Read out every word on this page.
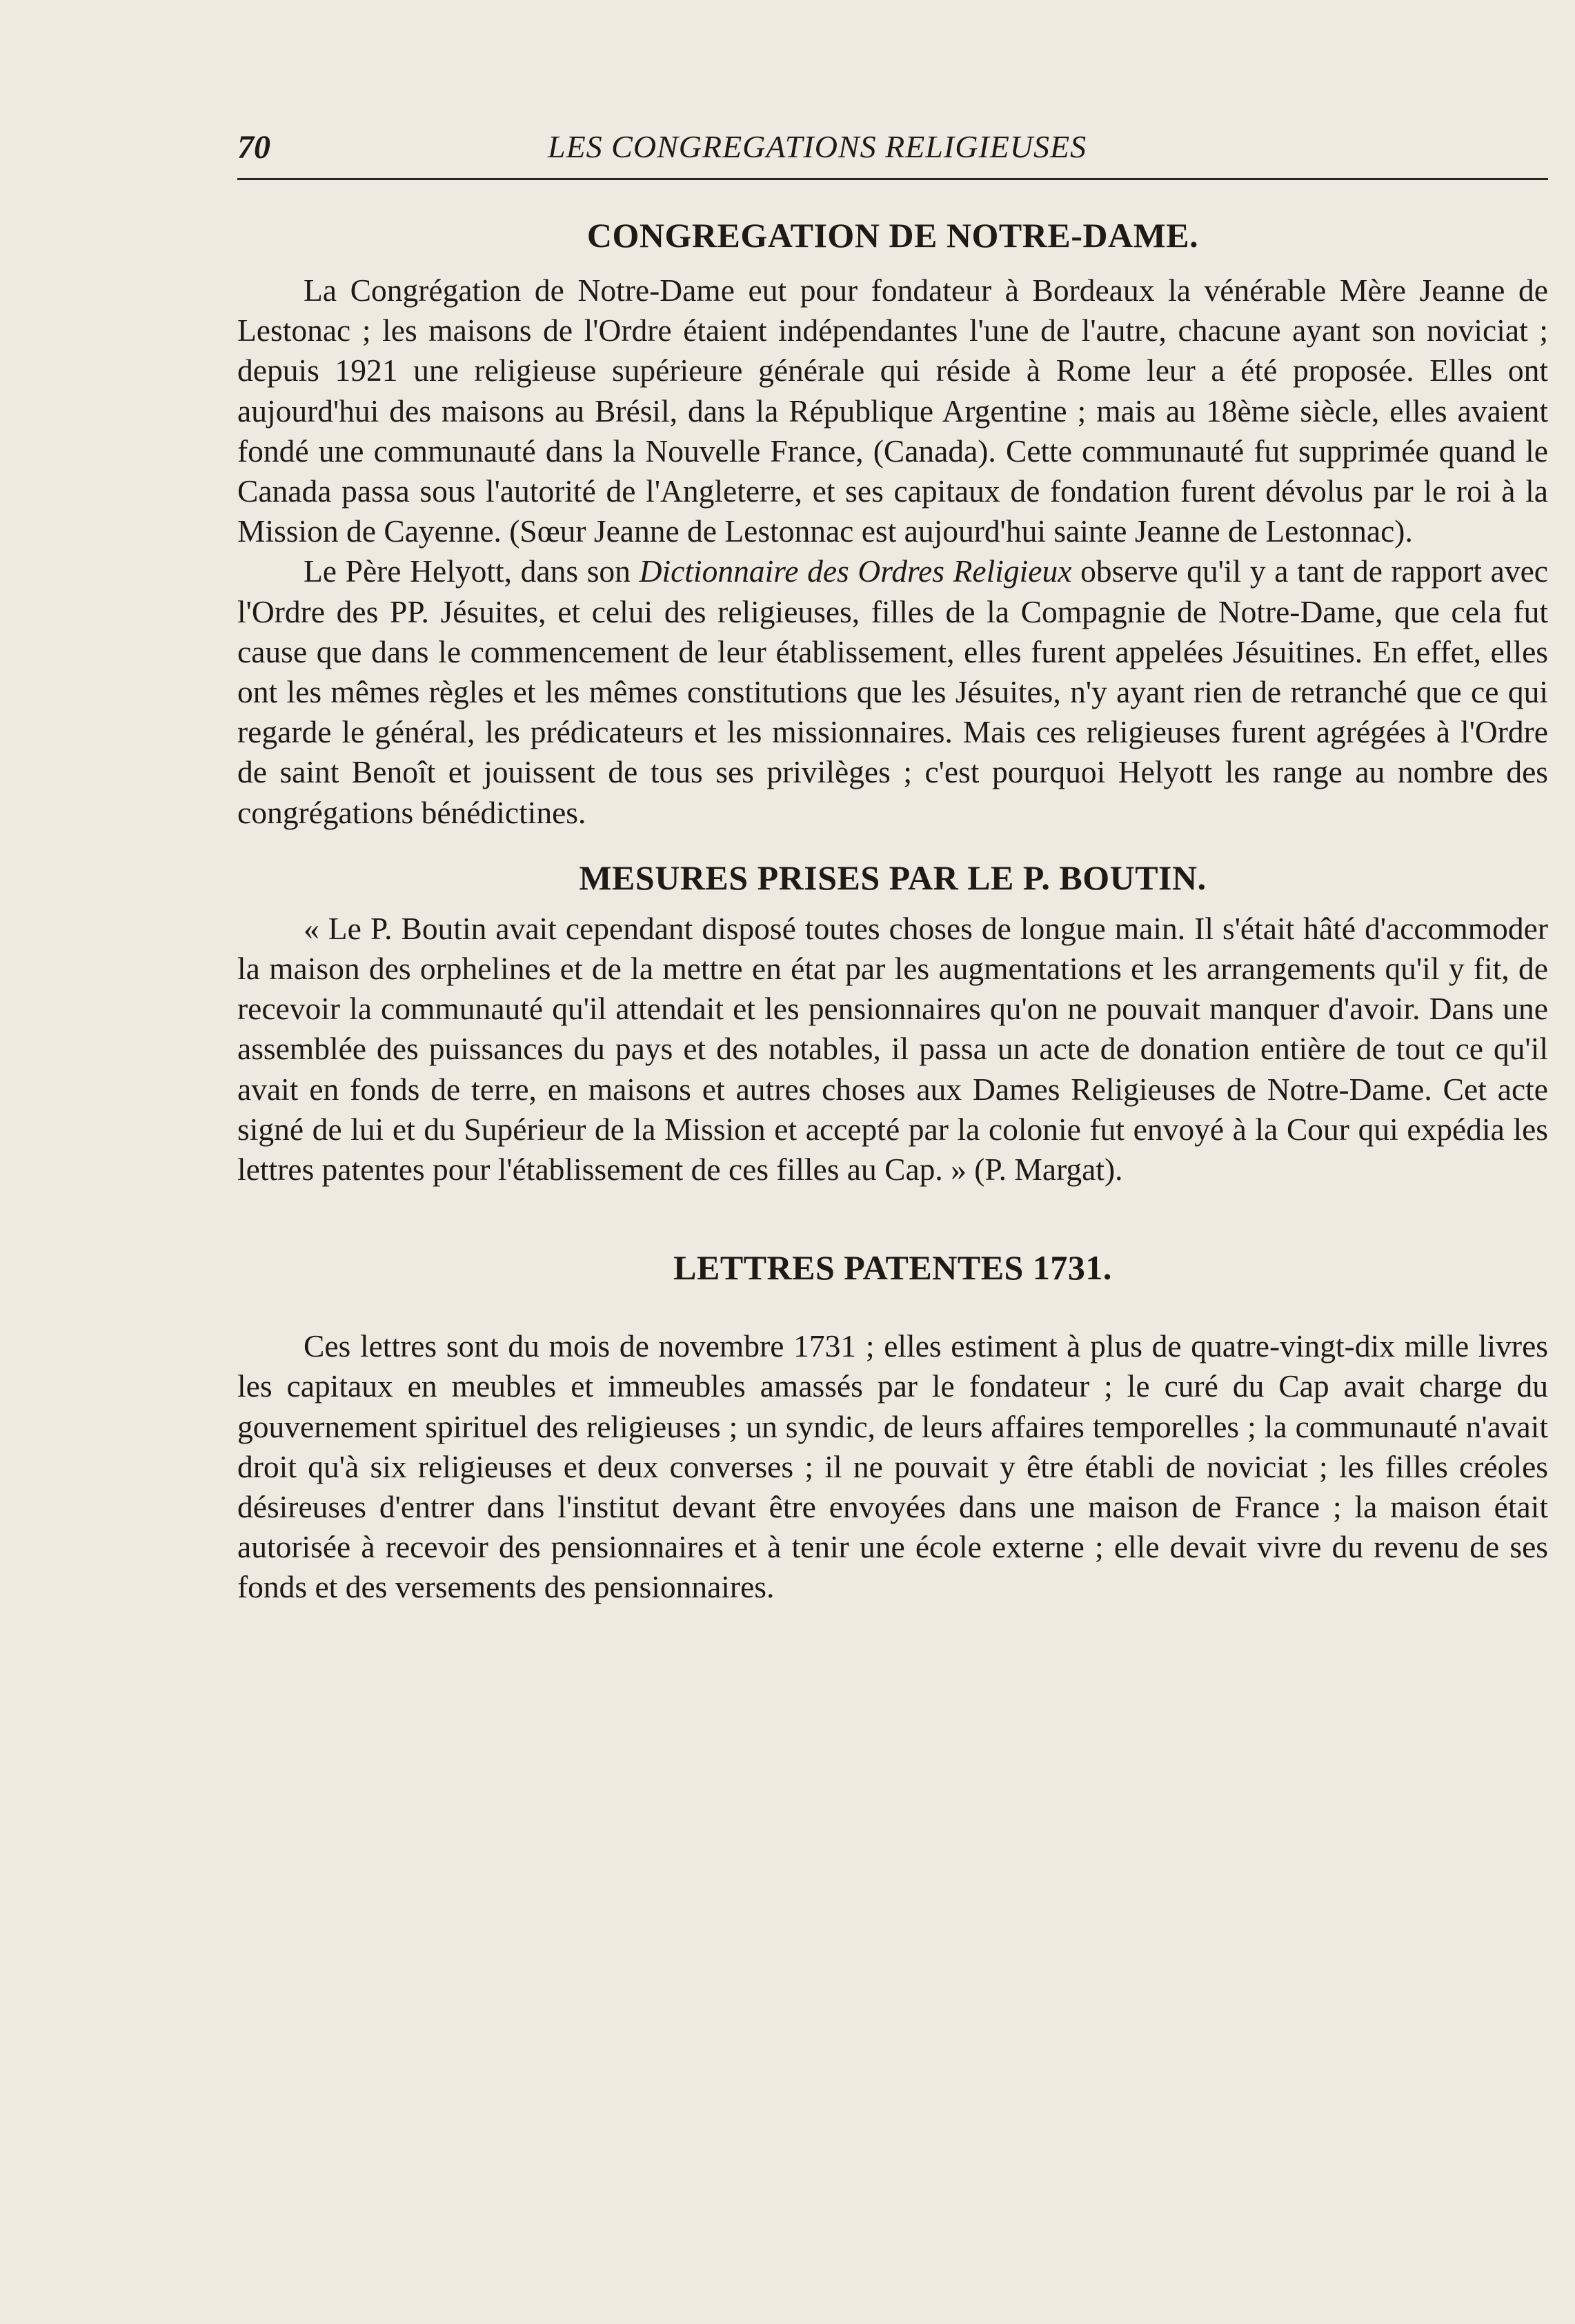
70	LES CONGREGATIONS RELIGIEUSES
CONGREGATION DE NOTRE-DAME.

La Congrégation de Notre-Dame eut pour fondateur à Bordeaux la vénérable Mère Jeanne de Lestonac ; les maisons de l'Ordre étaient indépendantes l'une de l'autre, chacune ayant son noviciat ; depuis 1921 une religieuse supérieure générale qui réside à Rome leur a été proposée. Elles ont aujourd'hui des maisons au Brésil, dans la République Argentine ; mais au 18ème siècle, elles avaient fondé une communauté dans la Nouvelle France, (Canada). Cette communauté fut supprimée quand le Canada passa sous l'autorité de l'Angleterre, et ses capitaux de fondation furent dévolus par le roi à la Mission de Cayenne. (Sœur Jeanne de Lestonnac est aujourd'hui sainte Jeanne de Lestonnac).

Le Père Helyott, dans son Dictionnaire des Ordres Religieux observe qu'il y a tant de rapport avec l'Ordre des PP. Jésuites, et celui des religieuses, filles de la Compagnie de Notre-Dame, que cela fut cause que dans le commencement de leur établissement, elles furent appelées Jésuitines. En effet, elles ont les mêmes règles et les mêmes constitutions que les Jésuites, n'y ayant rien de retranché que ce qui regarde le général, les prédicateurs et les missionnaires. Mais ces religieuses furent agrégées à l'Ordre de saint Benoît et jouissent de tous ses privilèges ; c'est pourquoi Helyott les range au nombre des congrégations bénédictines.

MESURES PRISES PAR LE P. BOUTIN.

« Le P. Boutin avait cependant disposé toutes choses de longue main. Il s'était hâté d'accommoder la maison des orphelines et de la mettre en état par les augmentations et les arrangements qu'il y fit, de recevoir la communauté qu'il attendait et les pensionnaires qu'on ne pouvait manquer d'avoir. Dans une assemblée des puissances du pays et des notables, il passa un acte de donation entière de tout ce qu'il avait en fonds de terre, en maisons et autres choses aux Dames Religieuses de Notre-Dame. Cet acte signé de lui et du Supérieur de la Mission et accepté par la colonie fut envoyé à la Cour qui expédia les lettres patentes pour l'établissement de ces filles au Cap. » (P. Margat).

LETTRES PATENTES 1731.

Ces lettres sont du mois de novembre 1731 ; elles estiment à plus de quatre-vingt-dix mille livres les capitaux en meubles et immeubles amassés par le fondateur ; le curé du Cap avait charge du gouvernement spirituel des religieuses ; un syndic, de leurs affaires temporelles ; la communauté n'avait droit qu'à six religieuses et deux converses ; il ne pouvait y être établi de noviciat ; les filles créoles désireuses d'entrer dans l'institut devant être envoyées dans une maison de France ; la maison était autorisée à recevoir des pensionnaires et à tenir une école externe ; elle devait vivre du revenu de ses fonds et des versements des pensionnaires.
